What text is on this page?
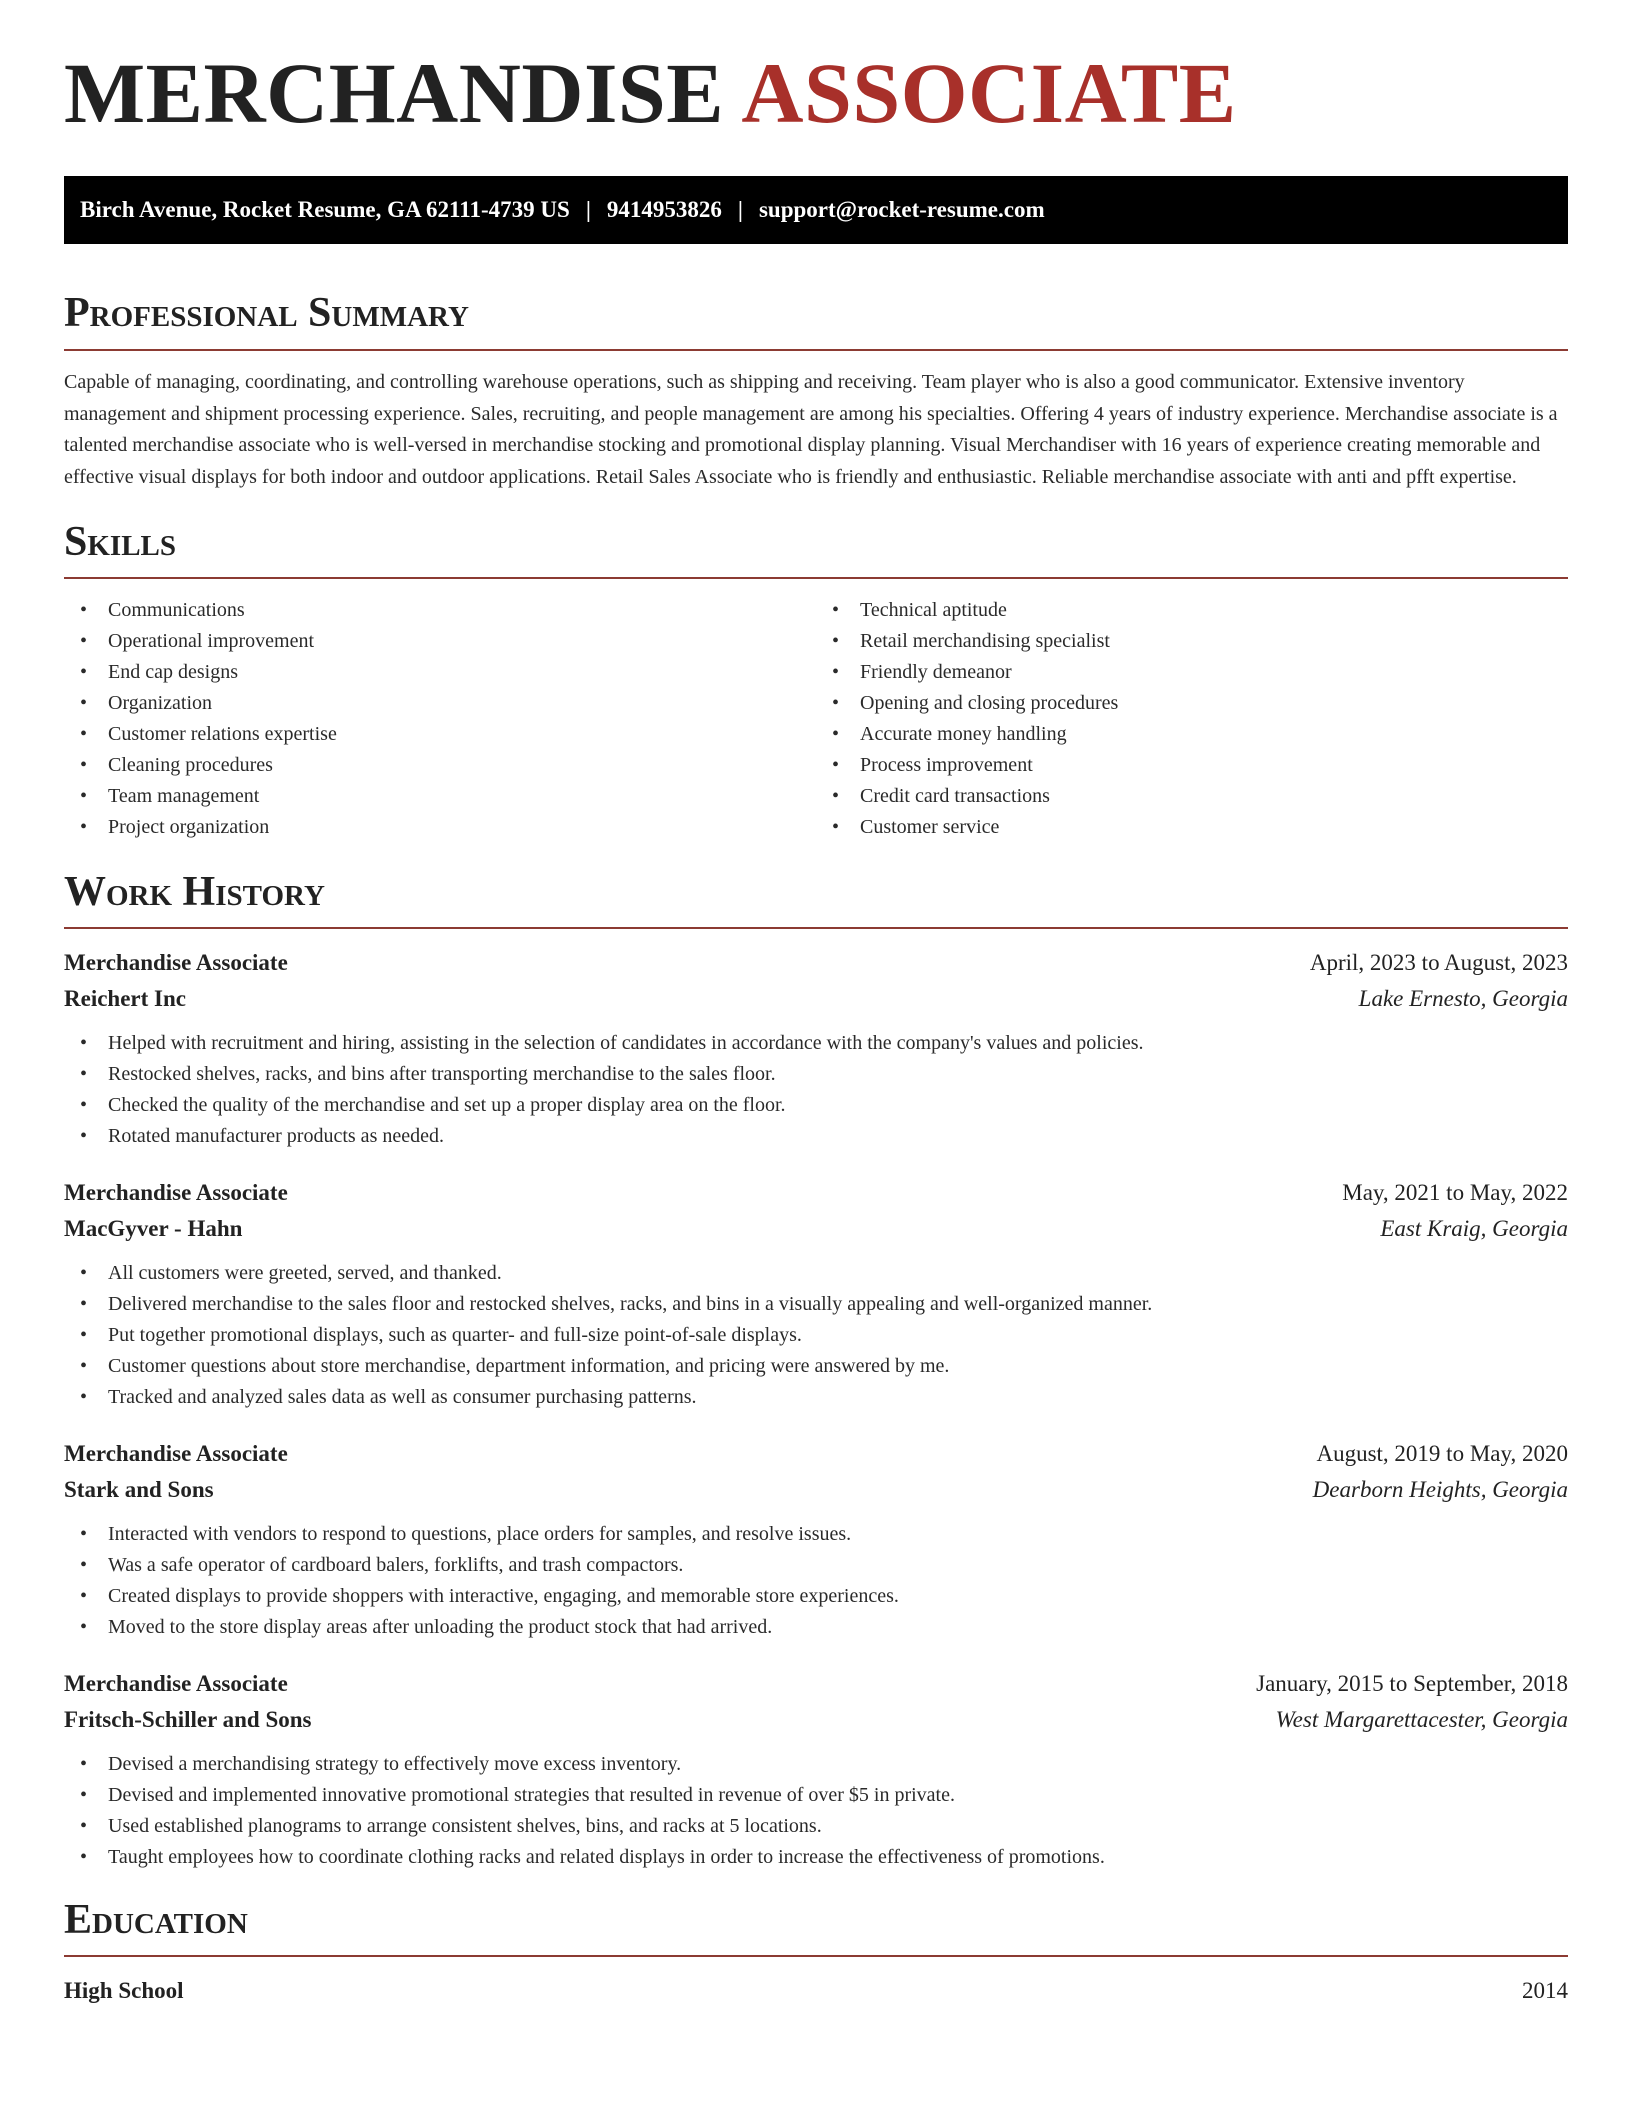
MERCHANDISE ASSOCIATE
Birch Avenue, Rocket Resume, GA 62111-4739 US | 9414953826 | support@rocket-resume.com
Professional Summary

Capable of managing, coordinating, and controlling warehouse operations, such as shipping and receiving. Team player who is also a good communicator. Extensive inventory management and shipment processing experience. Sales, recruiting, and people management are among his specialties. Offering 4 years of industry experience. Merchandise associate is a talented merchandise associate who is well-versed in merchandise stocking and promotional display planning. Visual Merchandiser with 16 years of experience creating memorable and effective visual displays for both indoor and outdoor applications. Retail Sales Associate who is friendly and enthusiastic. Reliable merchandise associate with anti and pfft expertise.

Skills
• Communications
• Operational improvement
• End cap designs
• Organization
• Customer relations expertise
• Cleaning procedures
• Team management
• Project organization
• Technical aptitude
• Retail merchandising specialist
• Friendly demeanor
• Opening and closing procedures
• Accurate money handling
• Process improvement
• Credit card transactions
• Customer service
Work History
Merchandise Associate	April, 2023 to August, 2023
Reichert Inc	Lake Ernesto, Georgia
• Helped with recruitment and hiring, assisting in the selection of candidates in accordance with the company's values and policies.
• Restocked shelves, racks, and bins after transporting merchandise to the sales floor.
• Checked the quality of the merchandise and set up a proper display area on the floor.
• Rotated manufacturer products as needed.
Merchandise Associate	May, 2021 to May, 2022
MacGyver - Hahn	East Kraig, Georgia
• All customers were greeted, served, and thanked.
• Delivered merchandise to the sales floor and restocked shelves, racks, and bins in a visually appealing and well-organized manner.
• Put together promotional displays, such as quarter- and full-size point-of-sale displays.
• Customer questions about store merchandise, department information, and pricing were answered by me.
• Tracked and analyzed sales data as well as consumer purchasing patterns.
Merchandise Associate	August, 2019 to May, 2020
Stark and Sons	Dearborn Heights, Georgia
• Interacted with vendors to respond to questions, place orders for samples, and resolve issues.
• Was a safe operator of cardboard balers, forklifts, and trash compactors.
• Created displays to provide shoppers with interactive, engaging, and memorable store experiences.
• Moved to the store display areas after unloading the product stock that had arrived.
Merchandise Associate	January, 2015 to September, 2018
Fritsch-Schiller and Sons	West Margarettacester, Georgia
• Devised a merchandising strategy to effectively move excess inventory.
• Devised and implemented innovative promotional strategies that resulted in revenue of over $5 in private.
• Used established planograms to arrange consistent shelves, bins, and racks at 5 locations.
• Taught employees how to coordinate clothing racks and related displays in order to increase the effectiveness of promotions.
Education
High School	2014
